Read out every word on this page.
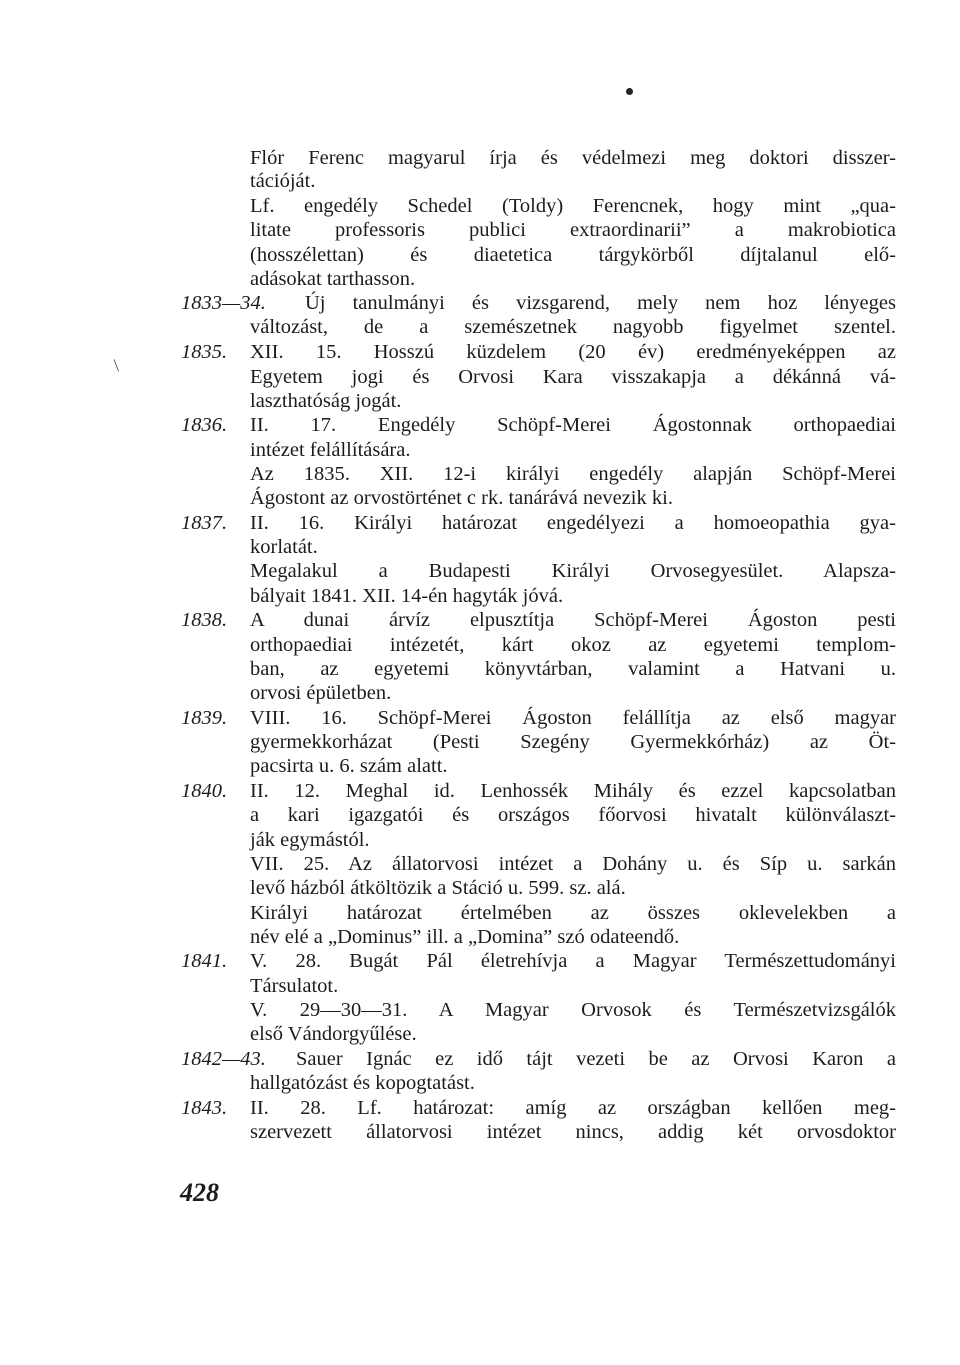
/
Flór Ferenc magyarul írja és védelmezi meg doktori disszer-
tációját.
Lf. engedély Schedel (Toldy) Ferencnek, hogy mint „qua-
litate professoris publici extraordinarii” a makrobiotica
(hosszélettan) és diaetetica tárgykörből díjtalanul elő-
adásokat tarthasson.
1833—34. Új tanulmányi és vizsgarend, mely nem hoz lényeges
változást, de a szemészetnek nagyobb figyelmet szentel.
1835. XII. 15. Hosszú küzdelem (20 év) eredményeképpen az
Egyetem jogi és Orvosi Kara visszakapja a dékánná vá-
laszthatóság jogát.
1836. II. 17. Engedély Schöpf-Merei Ágostonnak orthopaediai
intézet felállítására.
Az 1835. XII. 12-i királyi engedély alapján Schöpf-Merei
Ágostont az orvostörténet c rk. tanárává nevezik ki.
1837. II. 16. Királyi határozat engedélyezi a homoeopathia gya-
korlatát.
Megalakul a Budapesti Királyi Orvosegyesület. Alapsza-
bályait 1841. XII. 14-én hagyták jóvá.
1838. A dunai árvíz elpusztítja Schöpf-Merei Ágoston pesti
orthopaediai intézetét, kárt okoz az egyetemi templom-
ban, az egyetemi könyvtárban, valamint a Hatvani u.
orvosi épületben.
1839. VIII. 16. Schöpf-Merei Ágoston felállítja az első magyar
gyermekkorházat (Pesti Szegény Gyermekkórház) az Öt-
pacsirta u. 6. szám alatt.
1840. II. 12. Meghal id. Lenhossék Mihály és ezzel kapcsolatban
a kari igazgatói és országos főorvosi hivatalt különválaszt-
ják egymástól.
VII. 25. Az állatorvosi intézet a Dohány u. és Síp u. sarkán
levő házból átköltözik a Stáció u. 599. sz. alá.
Királyi határozat értelmében az összes oklevelekben a
név elé a „Dominus” ill. a „Domina” szó odateendő.
1841. V. 28. Bugát Pál életrehívja a Magyar Természettudományi
Társulatot.
V. 29—30—31. A Magyar Orvosok és Természetvizsgálók
első Vándorgyűlése.
1842—43. Sauer Ignác ez idő tájt vezeti be az Orvosi Karon a
hallgatózást és kopogtatást.
1843. II. 28. Lf. határozat: amíg az országban kellően meg-
szervezett állatorvosi intézet nincs, addig két orvosdoktor
428
